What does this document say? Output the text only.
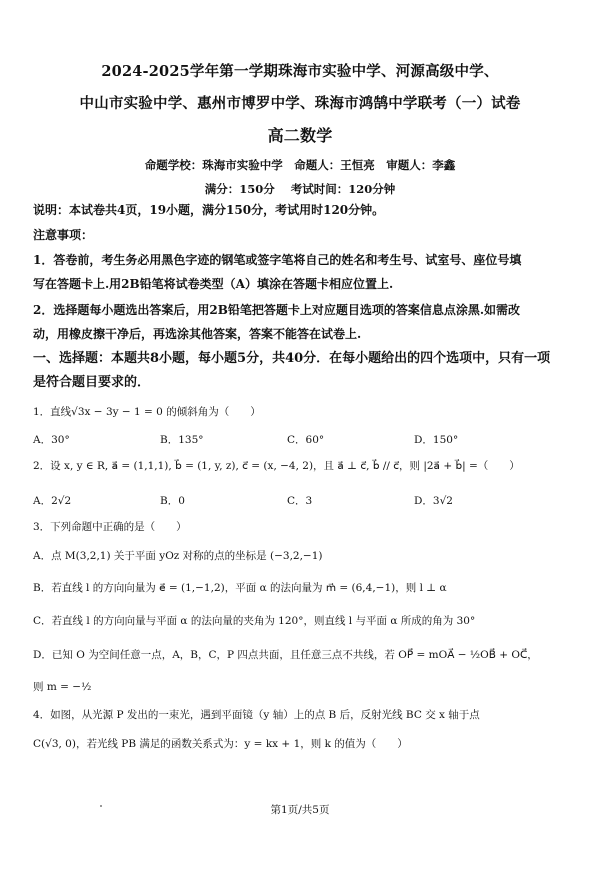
2024-2025学年第一学期珠海市实验中学、河源高级中学、
中山市实验中学、惠州市博罗中学、珠海市鸿鹄中学联考（一）试卷
高二数学
命题学校：珠海市实验中学　命题人：王恒亮　审题人：李鑫
满分：150分 考试时间：120分钟
说明：本试卷共4页，19小题，满分150分，考试用时120分钟。
注意事项：
1．答卷前，考生务必用黑色字迹的钢笔或签字笔将自己的姓名和考生号、试室号、座位号填
写在答题卡上.用2B铅笔将试卷类型（A）填涂在答题卡相应位置上.
2．选择题每小题选出答案后，用2B铅笔把答题卡上对应题目选项的答案信息点涂黑.如需改
动，用橡皮擦干净后，再选涂其他答案，答案不能答在试卷上.
一、选择题：本题共8小题，每小题5分，共40分．在每小题给出的四个选项中，只有一项
是符合题目要求的．
1．直线√3x − 3y − 1 = 0 的倾斜角为（　　）
A．30°	B．135°	C．60°	D．150°
2．设 x, y ∈ R, a⃗ = (1,1,1), b⃗ = (1, y, z), c⃗ = (x, −4, 2)，且 a⃗ ⊥ c⃗, b⃗ // c⃗，则 |2a⃗ + b⃗| =（　　）
A．2√2	B．0	C．3	D．3√2
3．下列命题中正确的是（　　）
A．点 M(3,2,1) 关于平面 yOz 对称的点的坐标是 (−3,2,−1)
B．若直线 l 的方向向量为 e⃗ = (1,−1,2)，平面 α 的法向量为 m⃗ = (6,4,−1)，则 l ⊥ α
C．若直线 l 的方向向量与平面 α 的法向量的夹角为 120°，则直线 l 与平面 α 所成的角为 30°
D．已知 O 为空间任意一点，A，B，C，P 四点共面，且任意三点不共线，若 OP⃗ = mOA⃗ − ½OB⃗ + OC⃗，
则 m = −½
4．如图，从光源 P 发出的一束光，遇到平面镜（y 轴）上的点 B 后，反射光线 BC 交 x 轴于点
C(√3, 0)，若光线 PB 满足的函数关系式为：y = kx + 1，则 k 的值为（　　）
第1页/共5页
